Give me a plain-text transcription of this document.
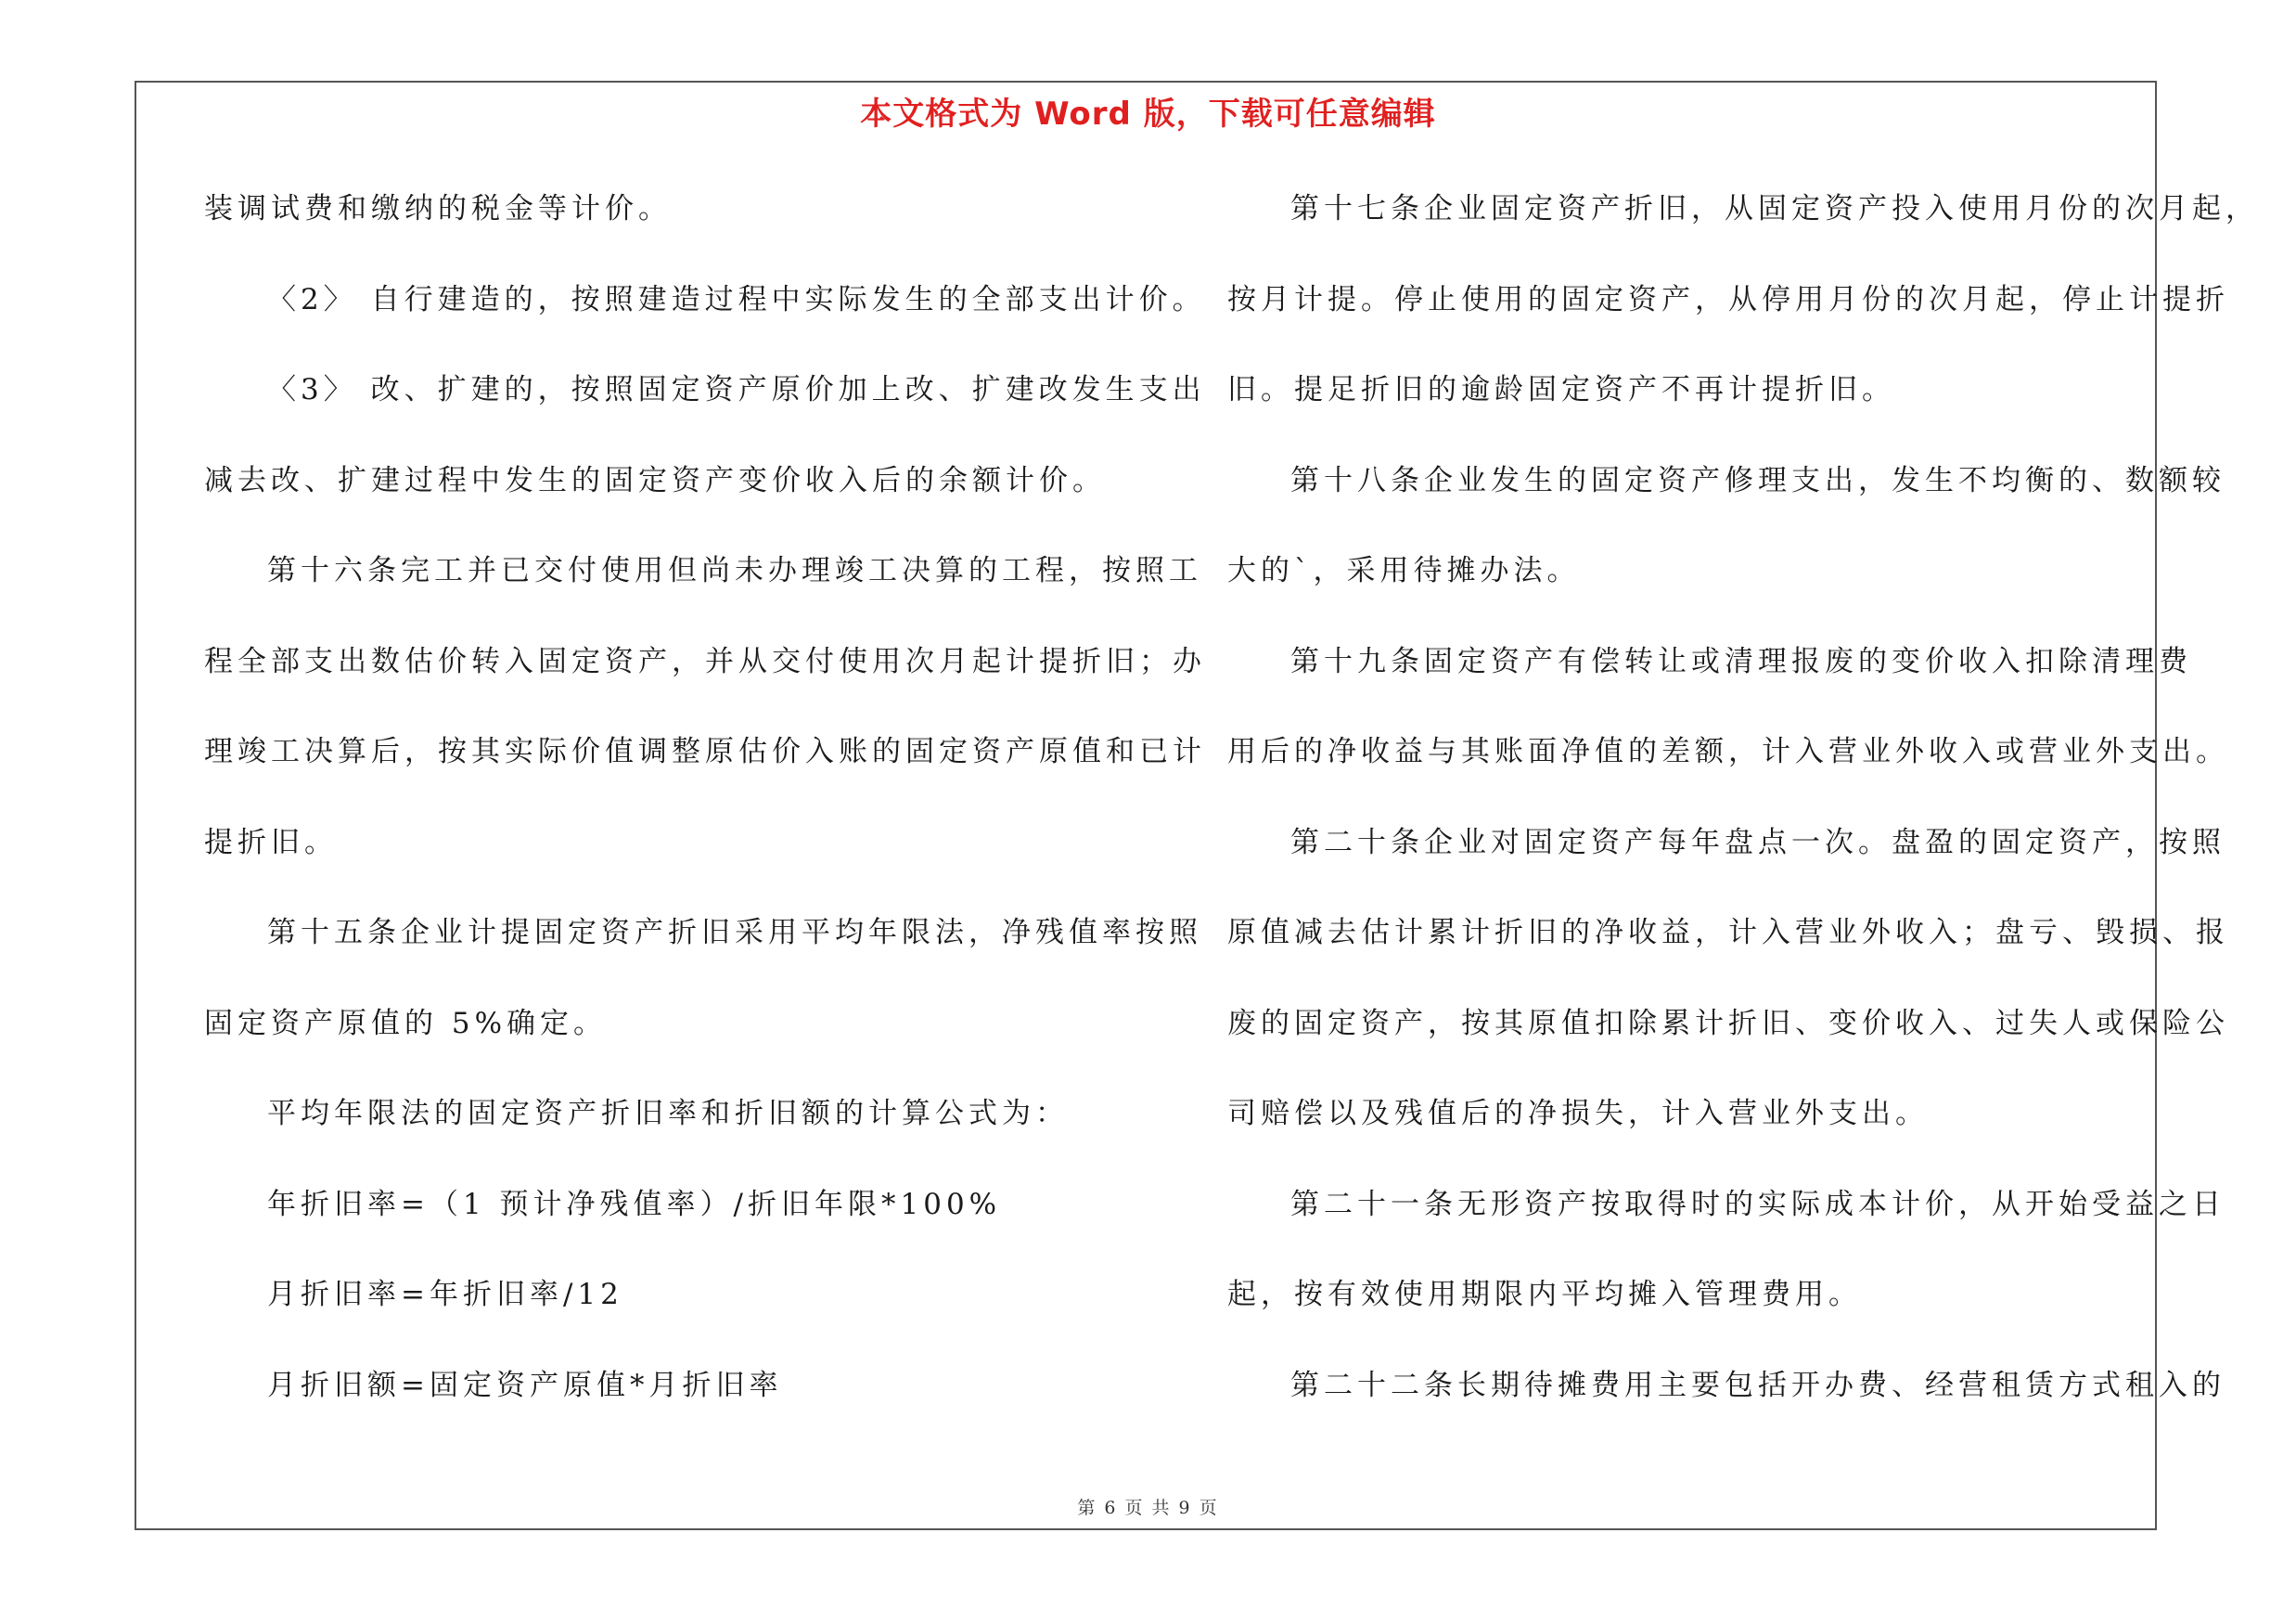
本文格式为 Word 版，下载可任意编辑
装调试费和缴纳的税金等计价。
〈2〉 自行建造的，按照建造过程中实际发生的全部支出计价。
〈3〉 改、扩建的，按照固定资产原价加上改、扩建改发生支出
减去改、扩建过程中发生的固定资产变价收入后的余额计价。
第十六条完工并已交付使用但尚未办理竣工决算的工程，按照工
程全部支出数估价转入固定资产，并从交付使用次月起计提折旧；办
理竣工决算后，按其实际价值调整原估价入账的固定资产原值和已计
提折旧。
第十五条企业计提固定资产折旧采用平均年限法，净残值率按照
固定资产原值的 5%确定。
平均年限法的固定资产折旧率和折旧额的计算公式为：
年折旧率=（1 预计净残值率）/折旧年限*100%
月折旧率=年折旧率/12
月折旧额=固定资产原值*月折旧率
第十七条企业固定资产折旧，从固定资产投入使用月份的次月起，
按月计提。停止使用的固定资产，从停用月份的次月起，停止计提折
旧。提足折旧的逾龄固定资产不再计提折旧。
第十八条企业发生的固定资产修理支出，发生不均衡的、数额较
大的`，采用待摊办法。
第十九条固定资产有偿转让或清理报废的变价收入扣除清理费
用后的净收益与其账面净值的差额，计入营业外收入或营业外支出。
第二十条企业对固定资产每年盘点一次。盘盈的固定资产，按照
原值减去估计累计折旧的净收益，计入营业外收入；盘亏、毁损、报
废的固定资产，按其原值扣除累计折旧、变价收入、过失人或保险公
司赔偿以及残值后的净损失，计入营业外支出。
第二十一条无形资产按取得时的实际成本计价，从开始受益之日
起，按有效使用期限内平均摊入管理费用。
第二十二条长期待摊费用主要包括开办费、经营租赁方式租入的
第 6 页 共 9 页
